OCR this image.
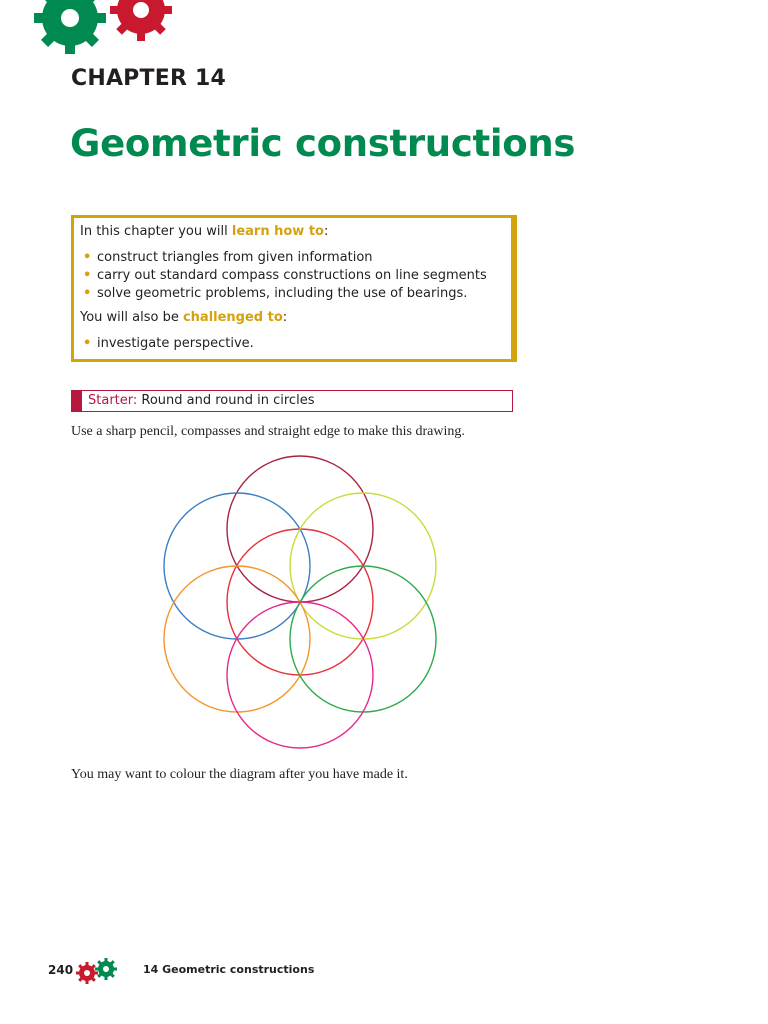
CHAPTER 14
Geometric constructions

In this chapter you will learn how to:

• construct triangles from given information
• carry out standard compass constructions on line segments
• solve geometric problems, including the use of bearings.

You will also be challenged to:

• investigate perspective.
Starter: Round and round in circles

Use a sharp pencil, compasses and straight edge to make this drawing.

You may want to colour the diagram after you have made it.

240	14 Geometric constructions
